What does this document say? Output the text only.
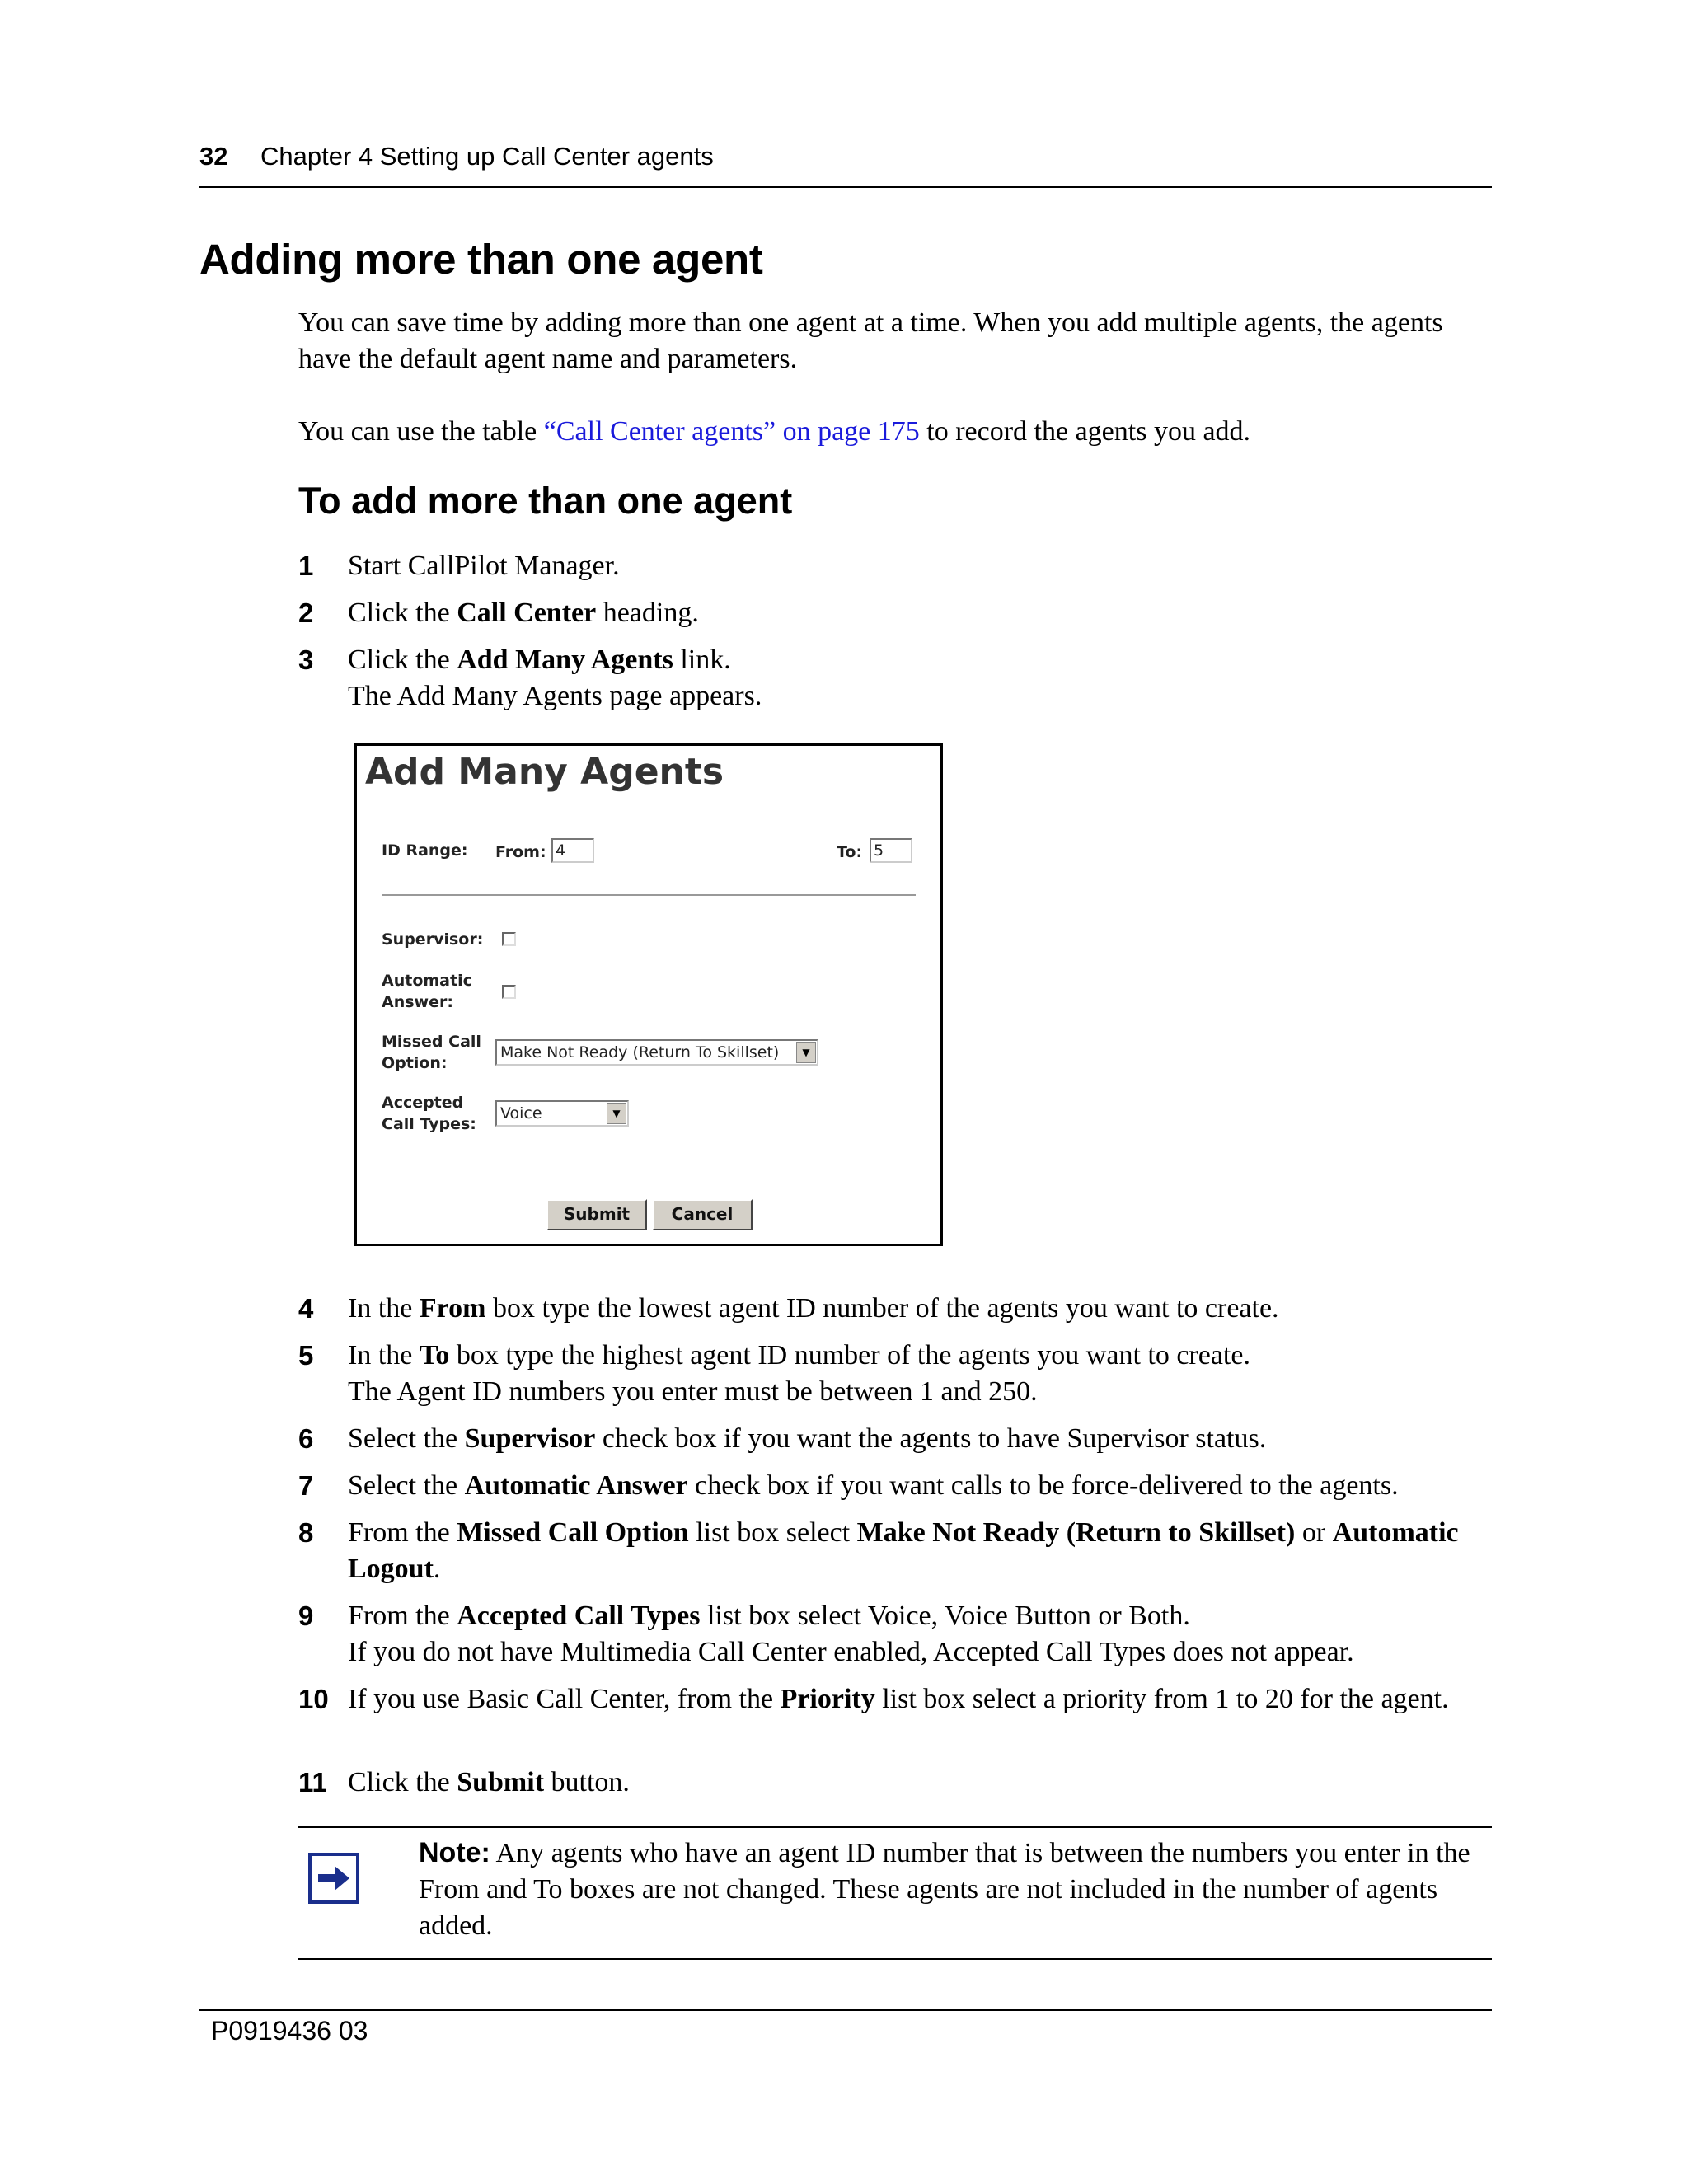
32 Chapter 4 Setting up Call Center agents
Adding more than one agent
You can save time by adding more than one agent at a time. When you add multiple agents, the agents have the default agent name and parameters.
You can use the table “Call Center agents” on page 175 to record the agents you add.
To add more than one agent
1 Start CallPilot Manager.
2 Click the Call Center heading.
3 Click the Add Many Agents link.
The Add Many Agents page appears.
Add Many Agents
ID Range: From: 4	To: 5
Supervisor:
Automatic
Answer:
Missed Call
Option:
Make Not Ready (Return To Skillset)	▼
Accepted
Call Types:
Voice	▼
Submit	Cancel
4 In the From box type the lowest agent ID number of the agents you want to create.
5 In the To box type the highest agent ID number of the agents you want to create.
The Agent ID numbers you enter must be between 1 and 250.
6 Select the Supervisor check box if you want the agents to have Supervisor status.
7 Select the Automatic Answer check box if you want calls to be force-delivered to the agents.
8 From the Missed Call Option list box select Make Not Ready (Return to Skillset) or Automatic Logout.
9 From the Accepted Call Types list box select Voice, Voice Button or Both.
If you do not have Multimedia Call Center enabled, Accepted Call Types does not appear.
10 If you use Basic Call Center, from the Priority list box select a priority from 1 to 20 for the agent.
11 Click the Submit button.
Note: Any agents who have an agent ID number that is between the numbers you enter in the From and To boxes are not changed. These agents are not included in the number of agents added.
P0919436 03
